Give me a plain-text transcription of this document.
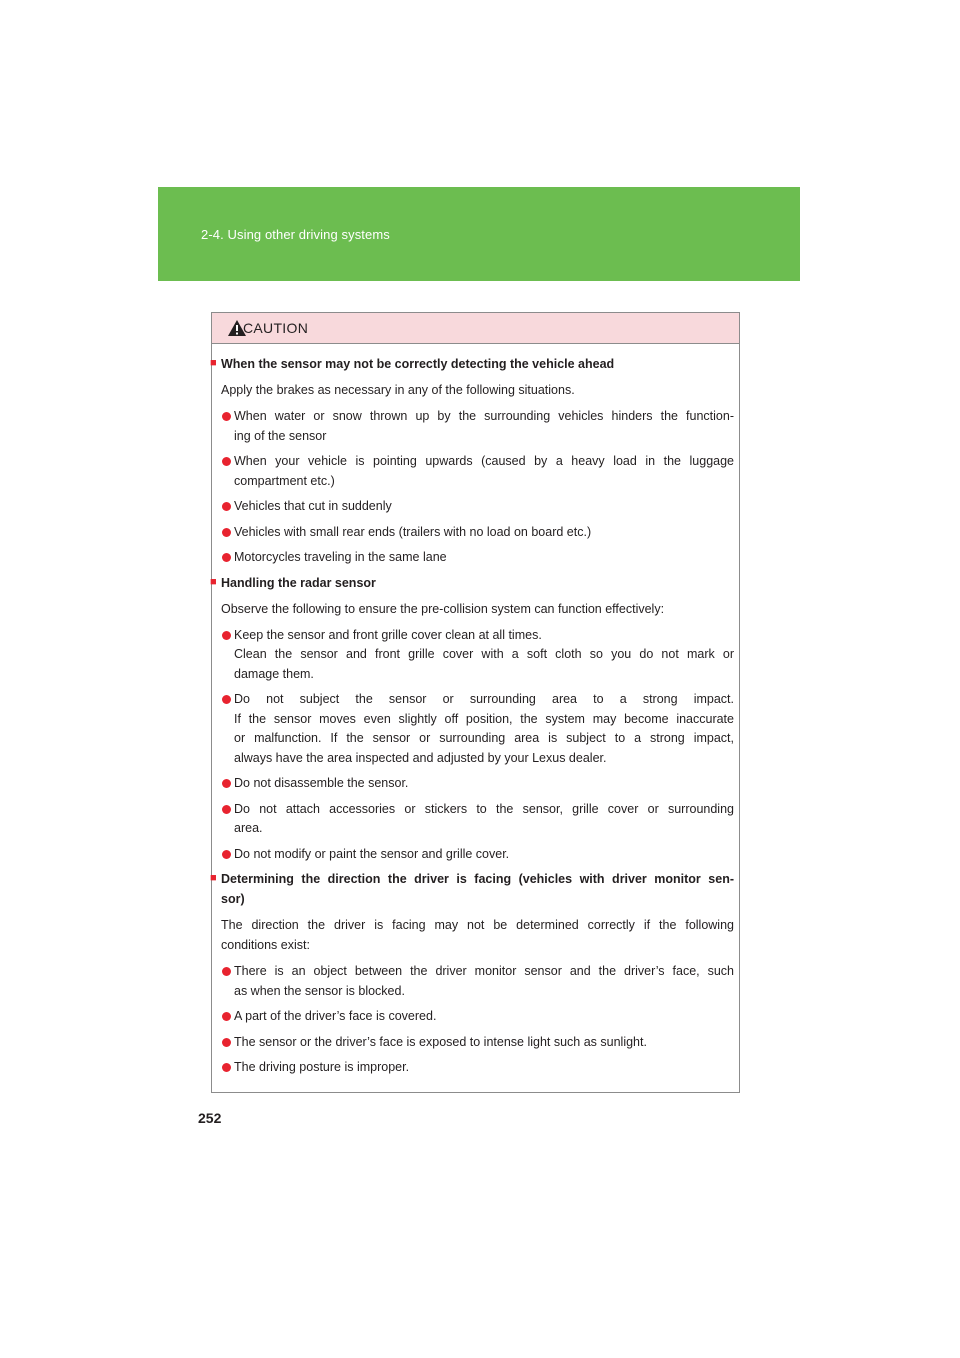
2-4. Using other driving systems
CAUTION
■ When the sensor may not be correctly detecting the vehicle ahead
Apply the brakes as necessary in any of the following situations.
When water or snow thrown up by the surrounding vehicles hinders the function-
ing of the sensor
When your vehicle is pointing upwards (caused by a heavy load in the luggage
compartment etc.)
Vehicles that cut in suddenly
Vehicles with small rear ends (trailers with no load on board etc.)
Motorcycles traveling in the same lane
■ Handling the radar sensor
Observe the following to ensure the pre-collision system can function effectively:
Keep the sensor and front grille cover clean at all times.
Clean the sensor and front grille cover with a soft cloth so you do not mark or
damage them.
Do not subject the sensor or surrounding area to a strong impact.
If the sensor moves even slightly off position, the system may become inaccurate
or malfunction. If the sensor or surrounding area is subject to a strong impact,
always have the area inspected and adjusted by your Lexus dealer.
Do not disassemble the sensor.
Do not attach accessories or stickers to the sensor, grille cover or surrounding
area.
Do not modify or paint the sensor and grille cover.
■ Determining the direction the driver is facing (vehicles with driver monitor sen-
sor)
The direction the driver is facing may not be determined correctly if the following
conditions exist:
There is an object between the driver monitor sensor and the driver’s face, such
as when the sensor is blocked.
A part of the driver’s face is covered.
The sensor or the driver’s face is exposed to intense light such as sunlight.
The driving posture is improper.
252
